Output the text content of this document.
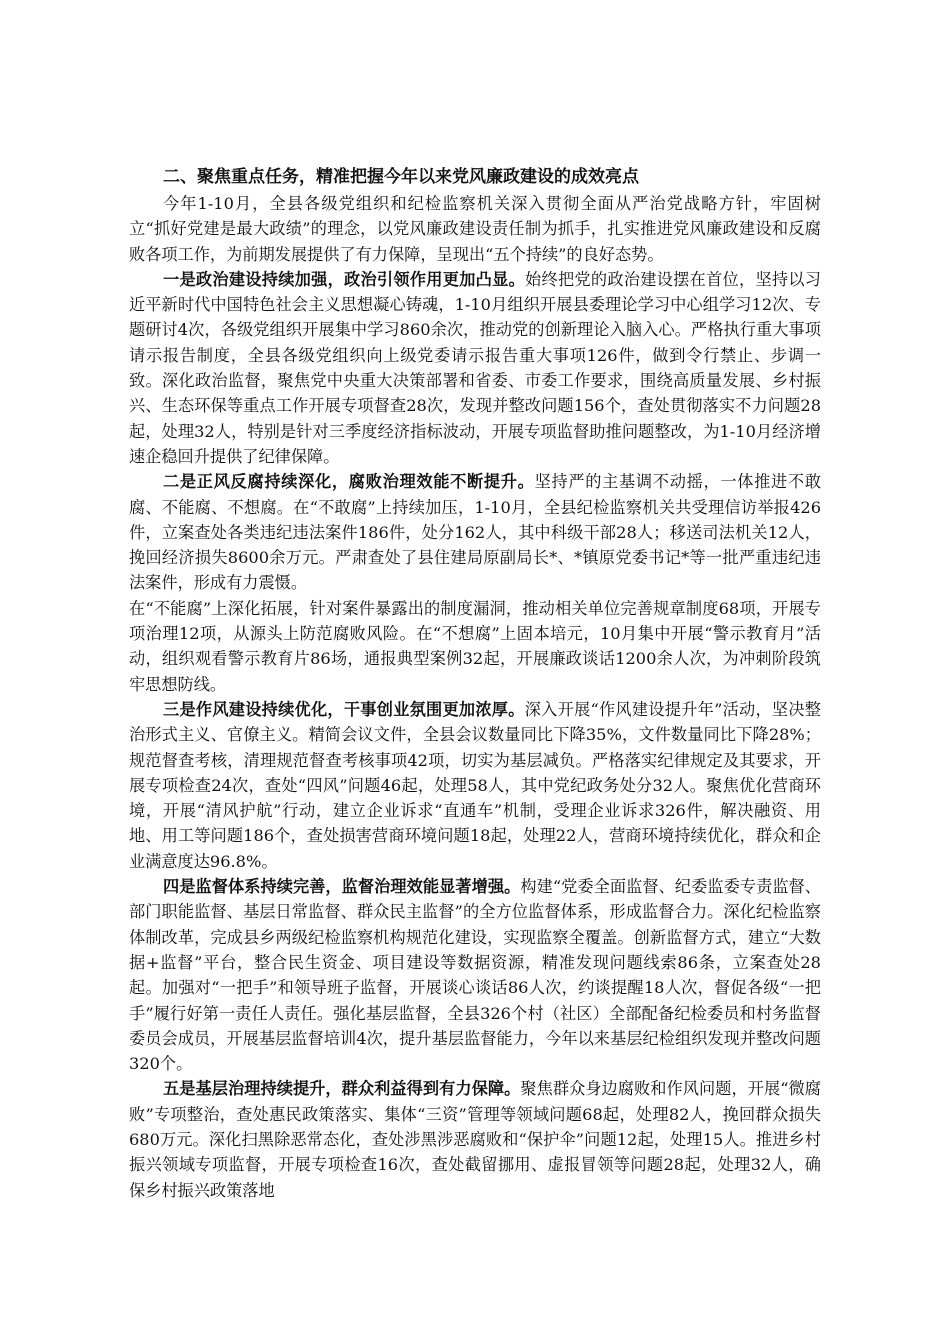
二、聚焦重点任务，精准把握今年以来党风廉政建设的成效亮点

今年1-10月，全县各级党组织和纪检监察机关深入贯彻全面从严治党战略方针，牢固树立“抓好党建是最大政绩”的理念，以党风廉政建设责任制为抓手，扎实推进党风廉政建设和反腐败各项工作，为前期发展提供了有力保障，呈现出“五个持续”的良好态势。

一是政治建设持续加强，政治引领作用更加凸显。始终把党的政治建设摆在首位，坚持以习近平新时代中国特色社会主义思想凝心铸魂，1-10月组织开展县委理论学习中心组学习12次、专题研讨4次，各级党组织开展集中学习860余次，推动党的创新理论入脑入心。严格执行重大事项请示报告制度，全县各级党组织向上级党委请示报告重大事项126件，做到令行禁止、步调一致。深化政治监督，聚焦党中央重大决策部署和省委、市委工作要求，围绕高质量发展、乡村振兴、生态环保等重点工作开展专项督查28次，发现并整改问题156个，查处贯彻落实不力问题28起，处理32人，特别是针对三季度经济指标波动，开展专项监督助推问题整改，为1-10月经济增速企稳回升提供了纪律保障。

二是正风反腐持续深化，腐败治理效能不断提升。坚持严的主基调不动摇，一体推进不敢腐、不能腐、不想腐。在“不敢腐”上持续加压，1-10月，全县纪检监察机关共受理信访举报426件，立案查处各类违纪违法案件186件，处分162人，其中科级干部28人；移送司法机关12人，挽回经济损失8600余万元。严肃查处了县住建局原副局长*、*镇原党委书记*等一批严重违纪违法案件，形成有力震慑。

在“不能腐”上深化拓展，针对案件暴露出的制度漏洞，推动相关单位完善规章制度68项，开展专项治理12项，从源头上防范腐败风险。在“不想腐”上固本培元，10月集中开展“警示教育月”活动，组织观看警示教育片86场，通报典型案例32起，开展廉政谈话1200余人次，为冲刺阶段筑牢思想防线。

三是作风建设持续优化，干事创业氛围更加浓厚。深入开展“作风建设提升年”活动，坚决整治形式主义、官僚主义。精简会议文件，全县会议数量同比下降35%，文件数量同比下降28%；规范督查考核，清理规范督查考核事项42项，切实为基层减负。严格落实纪律规定及其要求，开展专项检查24次，查处“四风”问题46起，处理58人，其中党纪政务处分32人。聚焦优化营商环境，开展“清风护航”行动，建立企业诉求“直通车”机制，受理企业诉求326件，解决融资、用地、用工等问题186个，查处损害营商环境问题18起，处理22人，营商环境持续优化，群众和企业满意度达96.8%。

四是监督体系持续完善，监督治理效能显著增强。构建“党委全面监督、纪委监委专责监督、部门职能监督、基层日常监督、群众民主监督”的全方位监督体系，形成监督合力。深化纪检监察体制改革，完成县乡两级纪检监察机构规范化建设，实现监察全覆盖。创新监督方式，建立“大数据+监督”平台，整合民生资金、项目建设等数据资源，精准发现问题线索86条，立案查处28起。加强对“一把手”和领导班子监督，开展谈心谈话86人次，约谈提醒18人次，督促各级“一把手”履行好第一责任人责任。强化基层监督，全县326个村（社区）全部配备纪检委员和村务监督委员会成员，开展基层监督培训4次，提升基层监督能力，今年以来基层纪检组织发现并整改问题320个。

五是基层治理持续提升，群众利益得到有力保障。聚焦群众身边腐败和作风问题，开展“微腐败”专项整治，查处惠民政策落实、集体“三资”管理等领域问题68起，处理82人，挽回群众损失680万元。深化扫黑除恶常态化，查处涉黑涉恶腐败和“保护伞”问题12起，处理15人。推进乡村振兴领域专项监督，开展专项检查16次，查处截留挪用、虚报冒领等问题28起，处理32人，确保乡村振兴政策落地
